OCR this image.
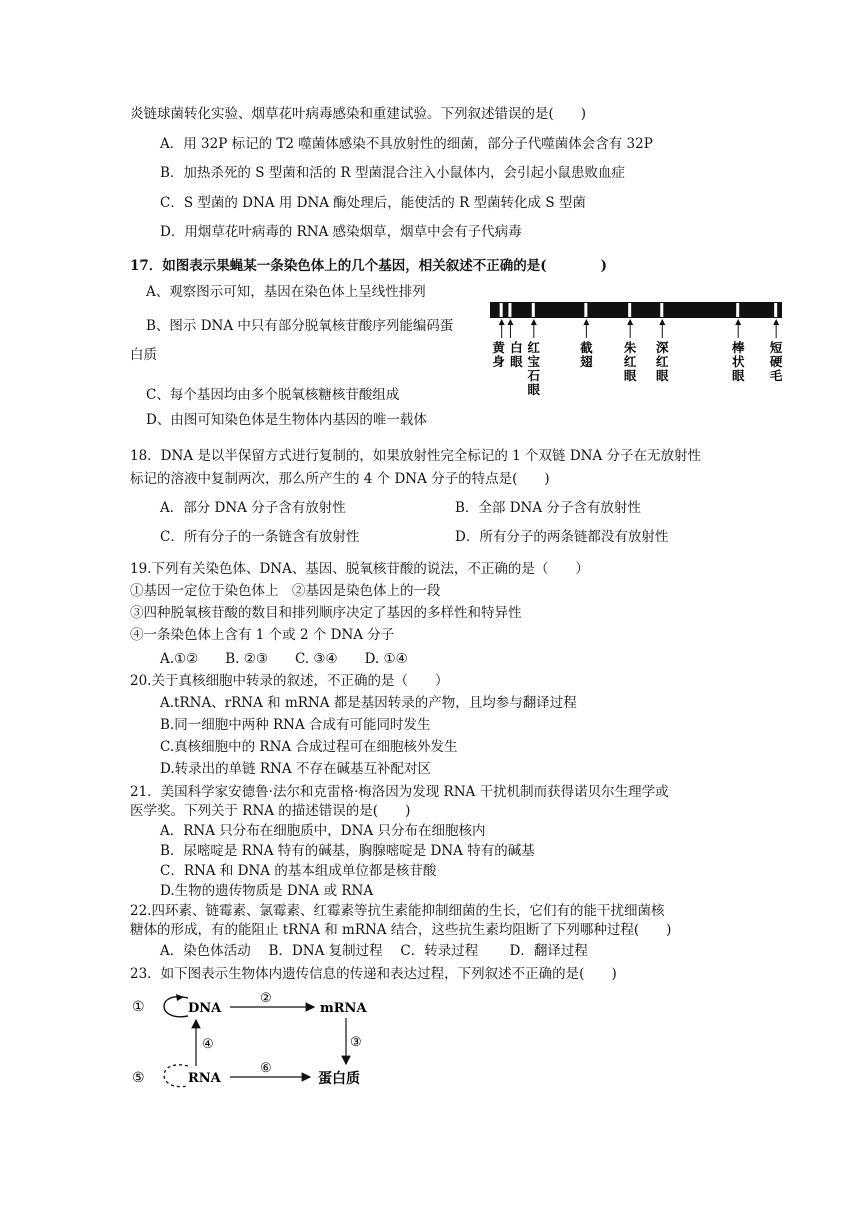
炎链球菌转化实验、烟草花叶病毒感染和重建试验。下列叙述错误的是(　　)
A．用 32P 标记的 T2 噬菌体感染不具放射性的细菌，部分子代噬菌体会含有 32P
B．加热杀死的 S 型菌和活的 R 型菌混合注入小鼠体内，会引起小鼠患败血症
C．S 型菌的 DNA 用 DNA 酶处理后，能使活的 R 型菌转化成 S 型菌
D．用烟草花叶病毒的 RNA 感染烟草，烟草中会有子代病毒
17．如图表示果蝇某一条染色体上的几个基因，相关叙述不正确的是(　　　　)
A、观察图示可知，基因在染色体上呈线性排列
B、图示 DNA 中只有部分脱氧核苷酸序列能编码蛋
白质
C、每个基因均由多个脱氧核糖核苷酸组成
D、由图可知染色体是生物体内基因的唯一载体
黄身
白眼
红宝石眼
截翅
朱红眼
深红眼
棒状眼
短硬毛
18．DNA 是以半保留方式进行复制的，如果放射性完全标记的 1 个双链 DNA 分子在无放射性
标记的溶液中复制两次，那么所产生的 4 个 DNA 分子的特点是(　　)
A．部分 DNA 分子含有放射性	B．全部 DNA 分子含有放射性
C．所有分子的一条链含有放射性	D．所有分子的两条链都没有放射性
19.下列有关染色体、DNA、基因、脱氧核苷酸的说法，不正确的是（　　）
①基因一定位于染色体上　②基因是染色体上的一段
③四种脱氧核苷酸的数目和排列顺序决定了基因的多样性和特异性
④一条染色体上含有 1 个或 2 个 DNA 分子
A.①②　　B. ②③　　C. ③④　　D. ①④
20.关于真核细胞中转录的叙述，不正确的是（　　）
A.tRNA、rRNA 和 mRNA 都是基因转录的产物，且均参与翻译过程
B.同一细胞中两种 RNA 合成有可能同时发生
C.真核细胞中的 RNA 合成过程可在细胞核外发生
D.转录出的单链 RNA 不存在碱基互补配对区
21．美国科学家安德鲁·法尔和克雷格·梅洛因为发现 RNA 干扰机制而获得诺贝尔生理学或
医学奖。下列关于 RNA 的描述错误的是(　　)
A．RNA 只分布在细胞质中，DNA 只分布在细胞核内
B．尿嘧啶是 RNA 特有的碱基，胸腺嘧啶是 DNA 特有的碱基
C．RNA 和 DNA 的基本组成单位都是核苷酸
D.生物的遗传物质是 DNA 或 RNA
22.四环素、链霉素、氯霉素、红霉素等抗生素能抑制细菌的生长，它们有的能干扰细菌核
糖体的形成，有的能阻止 tRNA 和 mRNA 结合，这些抗生素均阻断了下列哪种过程(　　)
A．染色体活动　 B．DNA 复制过程　 C．转录过程　　 D．翻译过程
23．如下图表示生物体内遗传信息的传递和表达过程，下列叙述不正确的是(　　)
①	DNA
②
mRNA
③
④
⑤	RNA
⑥
蛋白质
